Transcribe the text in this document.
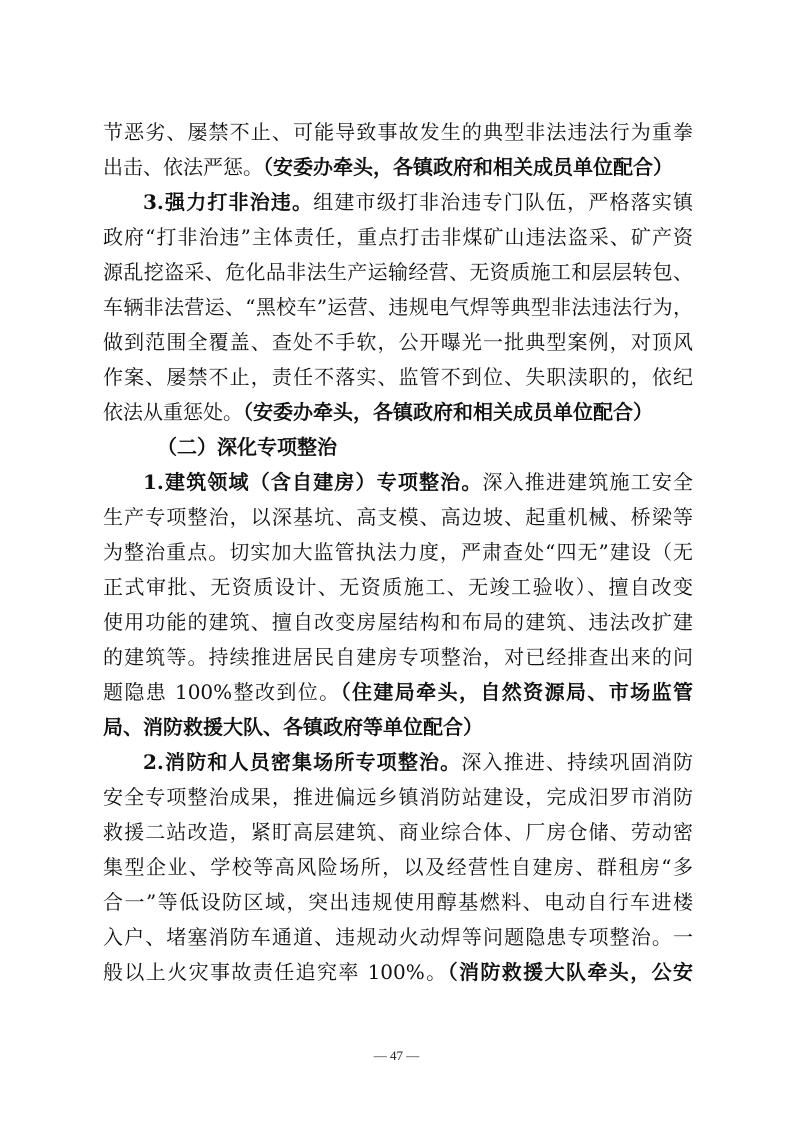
节恶劣、屡禁不止、可能导致事故发生的典型非法违法行为重拳
出击、依法严惩。（安委办牵头，各镇政府和相关成员单位配合）
3.强力打非治违。组建市级打非治违专门队伍，严格落实镇
政府“打非治违”主体责任，重点打击非煤矿山违法盗采、矿产资
源乱挖盗采、危化品非法生产运输经营、无资质施工和层层转包、
车辆非法营运、“黑校车”运营、违规电气焊等典型非法违法行为，
做到范围全覆盖、查处不手软，公开曝光一批典型案例，对顶风
作案、屡禁不止，责任不落实、监管不到位、失职渎职的，依纪
依法从重惩处。（安委办牵头，各镇政府和相关成员单位配合）
（二）深化专项整治
1.建筑领域（含自建房）专项整治。深入推进建筑施工安全
生产专项整治，以深基坑、高支模、高边坡、起重机械、桥梁等
为整治重点。切实加大监管执法力度，严肃查处“四无”建设（无
正式审批、无资质设计、无资质施工、无竣工验收）、擅自改变
使用功能的建筑、擅自改变房屋结构和布局的建筑、违法改扩建
的建筑等。持续推进居民自建房专项整治，对已经排查出来的问
题隐患 100%整改到位。（住建局牵头，自然资源局、市场监管
局、消防救援大队、各镇政府等单位配合）
2.消防和人员密集场所专项整治。深入推进、持续巩固消防
安全专项整治成果，推进偏远乡镇消防站建设，完成汨罗市消防
救援二站改造，紧盯高层建筑、商业综合体、厂房仓储、劳动密
集型企业、学校等高风险场所，以及经营性自建房、群租房“多
合一”等低设防区域，突出违规使用醇基燃料、电动自行车进楼
入户、堵塞消防车通道、违规动火动焊等问题隐患专项整治。一
般以上火灾事故责任追究率 100%。（消防救援大队牵头，公安
— 47 —
